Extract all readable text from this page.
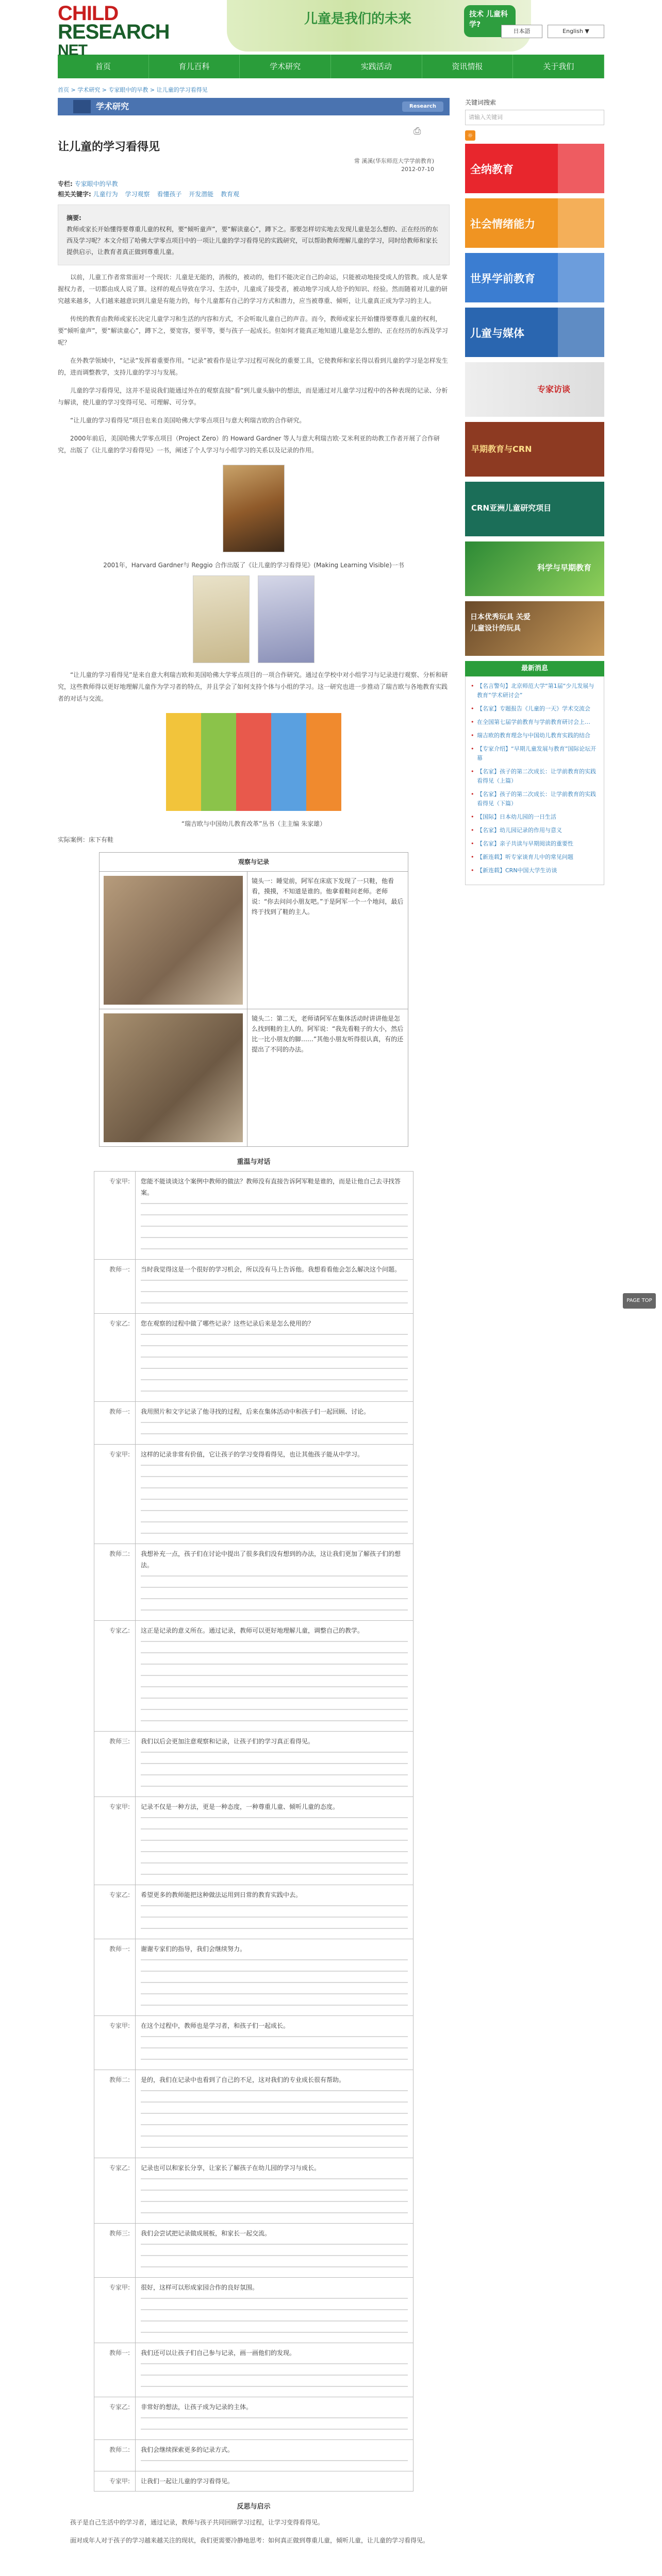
CHILD
RESEARCH
NET
儿童是我们的未来	技术 儿童科学?
日本語	English ▼
首页	育儿百科	学术研究	实践活动	资讯情报	关于我们
首页 > 学术研究 > 专家眼中的早教 > 让儿童的学习看得见
学术研究	Research
⎙
让儿童的学习看得见
常 溪溪(华东师范大学学前教育)
2012-07-10
专栏: 专家眼中的早教
相关关键字: 儿童行为 学习观察 看懂孩子 开发潜能 教育观
摘要:
教师或家长开始懂得要尊重儿童的权利，要“倾听童声”，要“解读童心”，蹲下之。那要怎样切实地去发现儿童是怎么想的、正在经历的东西及学习呢？本文介绍了哈佛大学零点项目中的一项让儿童的学习看得见的实践研究，可以帮助教师理解儿童的学习，同时给教师和家长提供启示，让教育者真正做到尊重儿童。

以前，儿童工作者常常面对一个现状：儿童是无能的，消极的，被动的，他们不能决定自己的命运，只能被动地接受成人的管教。成人是掌握权力者，一切都由成人说了算。这样的观点导致在学习、生活中，儿童成了接受者，被动地学习成人给予的知识、经验。然而随着对儿童的研究越来越多，人们越来越意识到儿童是有能力的，每个儿童都有自己的学习方式和潜力，应当被尊重、倾听，让儿童真正成为学习的主人。

传统的教育由教师或家长决定儿童学习和生活的内容和方式，不会听取儿童自己的声音。而今，教师或家长开始懂得要尊重儿童的权利，要“倾听童声”，要“解读童心”，蹲下之，要宽容，要平等，要与孩子一起成长。但如何才能真正地知道儿童是怎么想的、正在经历的东西及学习呢？

在外教学领域中，“记录”发挥着重要作用。“记录”被看作是让学习过程可视化的重要工具，它使教师和家长得以看到儿童的学习是怎样发生的，进而调整教学，支持儿童的学习与发展。

儿童的学习看得见，这并不是说我们能通过外在的观察直接“看”到儿童头脑中的想法，而是通过对儿童学习过程中的各种表现的记录、分析与解读，使儿童的学习变得可见、可理解、可分享。

“让儿童的学习看得见”项目也来自美国哈佛大学零点项目与意大利瑞吉欧的合作研究。

2000年前后，美国哈佛大学零点项目（Project Zero）的 Howard Gardner 等人与意大利瑞吉欧·艾米利亚的幼教工作者开展了合作研究，出版了《让儿童的学习看得见》一书，阐述了个人学习与小组学习的关系以及记录的作用。

2001年，Harvard Gardner与 Reggio 合作出版了《让儿童的学习看得见》(Making Learning Visible)一书

“让儿童的学习看得见”是来自意大利瑞吉欧和美国哈佛大学零点项目的一项合作研究。通过在学校中对小组学习与记录进行观察、分析和研究，这些教师得以更好地理解儿童作为学习者的特点，并且学会了如何支持个体与小组的学习。这一研究也进一步推动了瑞吉欧与各地教育实践者的对话与交流。

“瑞吉欧与中国幼儿教育改革”丛书（主主编 朱家雄）

实际案例：床下有鞋

观察与记录	

	镜头一：睡觉前，阿军在床底下发现了一只鞋，他看看，摸摸，不知道是谁的。他拿着鞋问老师。老师说：“你去问问小朋友吧。”于是阿军一个一个地问，最后终于找到了鞋的主人。

	镜头二：第二天，老师请阿军在集体活动时讲讲他是怎么找到鞋的主人的。阿军说：“我先看鞋子的大小，然后比一比小朋友的脚……”其他小朋友听得很认真，有的还提出了不同的办法。
重温与对话
专家甲:	您能不能谈谈这个案例中教师的做法？教师没有直接告诉阿军鞋是谁的，而是让他自己去寻找答案。

教师一:	当时我觉得这是一个很好的学习机会，所以没有马上告诉他。我想看看他会怎么解决这个问题。

专家乙:	您在观察的过程中做了哪些记录？这些记录后来是怎么使用的？

教师一:	我用照片和文字记录了他寻找的过程，后来在集体活动中和孩子们一起回顾、讨论。

专家甲:	这样的记录非常有价值，它让孩子的学习变得看得见，也让其他孩子能从中学习。

教师二:	我想补充一点，孩子们在讨论中提出了很多我们没有想到的办法，这让我们更加了解孩子们的想法。

专家乙:	这正是记录的意义所在。通过记录，教师可以更好地理解儿童，调整自己的教学。

教师三:	我们以后会更加注意观察和记录，让孩子们的学习真正看得见。

专家甲:	记录不仅是一种方法，更是一种态度，一种尊重儿童、倾听儿童的态度。

专家乙:	希望更多的教师能把这种做法运用到日常的教育实践中去。

教师一:	谢谢专家们的指导，我们会继续努力。

专家甲:	在这个过程中，教师也是学习者，和孩子们一起成长。

教师二:	是的，我们在记录中也看到了自己的不足，这对我们的专业成长很有帮助。

专家乙:	记录也可以和家长分享，让家长了解孩子在幼儿园的学习与成长。

教师三:	我们会尝试把记录做成展板，和家长一起交流。

专家甲:	很好，这样可以形成家园合作的良好氛围。

教师一:	我们还可以让孩子们自己参与记录，画一画他们的发现。

专家乙:	非常好的想法，让孩子成为记录的主体。

教师二:	我们会继续探索更多的记录方式。

专家甲:	让我们一起让儿童的学习看得见。
反思与启示

孩子是自己生活中的学习者，通过记录，教师与孩子共同回顾学习过程，让学习变得看得见。

面对成年人对于孩子的学习越来越关注的现状，我们更需要冷静地思考：如何真正做到尊重儿童，倾听儿童，让儿童的学习看得见。

关键词搜索
请输入关键词
☼
全纳教育
社会情绪能力
世界学前教育
儿童与媒体
专家访谈
早期教育与CRN
CRN亚洲儿童研究项目
科学与早期教育
日本优秀玩具 关爱儿童设计的玩具
最新消息
• 【名言警句】北京师范大学“第1届“少儿发展与教育”学术研讨会”
• 【名家】专题报告《儿童的一天》学术交流会
• 在全国第七届学前教育与学前教育研讨会上…
• 瑞吉欧的教育理念与中国幼儿教育实践的结合
• 【专家介绍】“早期儿童发展与教育”国际论坛开幕
• 【名家】孩子的第二次成长：让学前教育的实践看得见（上篇）
• 【名家】孩子的第二次成长：让学前教育的实践看得见（下篇）
• 【国际】日本幼儿园的一日生活
• 【名家】幼儿园记录的作用与意义
• 【名家】亲子共读与早期阅读的重要性
• 【新连载】听专家谈育儿中的常见问题
• 【新连载】CRN中国大学生访谈
PAGE TOP
